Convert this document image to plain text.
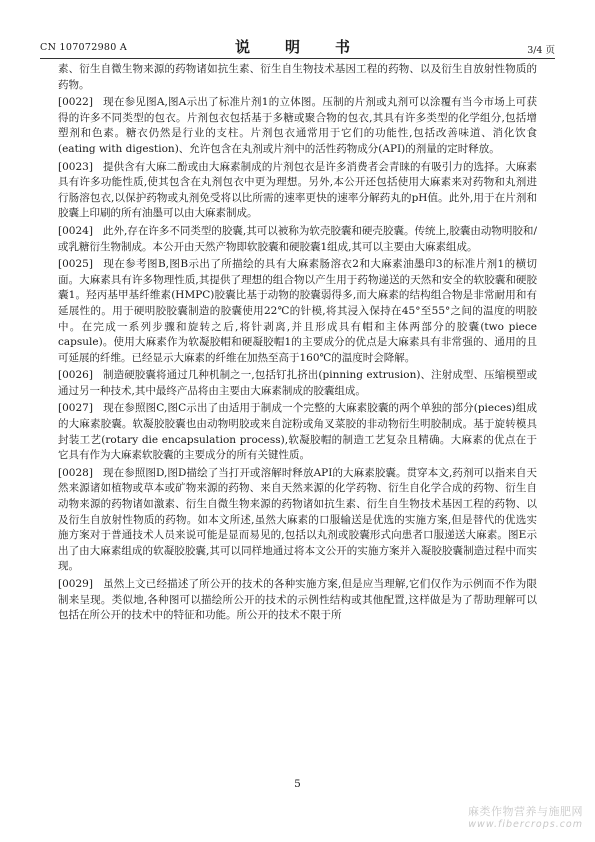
CN 107072980 A	说　明　书	3/4 页

素、衍生自微生物来源的药物诸如抗生素、衍生自生物技术基因工程的药物、以及衍生自放射性物质的药物。

[0022] 现在参见图A,图A示出了标准片剂1的立体图。压制的片剂或丸剂可以涂覆有当今市场上可获得的许多不同类型的包衣。片剂包衣包括基于多糖或聚合物的包衣,其具有许多类型的化学组分,包括增塑剂和色素。糖衣仍然是行业的支柱。片剂包衣通常用于它们的功能性,包括改善味道、消化饮食(eating with digestion)、允许包含在丸剂或片剂中的活性药物成分(API)的剂量的定时释放。

[0023] 提供含有大麻二酚或由大麻素制成的片剂包衣是许多消费者会青睐的有吸引力的选择。大麻素具有许多功能性质,使其包含在丸剂包衣中更为理想。另外,本公开还包括使用大麻素来对药物和丸剂进行肠溶包衣,以保护药物或丸剂免受将以比所需的速率更快的速率分解药丸的pH值。此外,用于在片剂和胶囊上印刷的所有油墨可以由大麻素制成。

[0024] 此外,存在许多不同类型的胶囊,其可以被称为软壳胶囊和硬壳胶囊。传统上,胶囊由动物明胶和/或乳糖衍生物制成。本公开由天然产物即软胶囊和硬胶囊1组成,其可以主要由大麻素组成。

[0025] 现在参考图B,图B示出了所描绘的具有大麻素肠溶衣2和大麻素油墨印3的标准片剂1的横切面。大麻素具有许多物理性质,其提供了理想的组合物以产生用于药物递送的天然和安全的软胶囊和硬胶囊1。羟丙基甲基纤维素(HMPC)胶囊比基于动物的胶囊弱得多,而大麻素的结构组合物是非常耐用和有延展性的。用于硬明胶胶囊制造的胶囊使用22℃的针模,将其浸入保持在45°至55°之间的温度的明胶中。在完成一系列步骤和旋转之后,将针剥离,并且形成具有帽和主体两部分的胶囊(two piece capsule)。使用大麻素作为软凝胶帽和硬凝胶帽1的主要成分的优点是大麻素具有非常强的、通用的且可延展的纤维。已经显示大麻素的纤维在加热至高于160℃的温度时会降解。

[0026] 制造硬胶囊将通过几种机制之一,包括钉扎挤出(pinning extrusion)、注射成型、压缩模塑或通过另一种技术,其中最终产品将由主要由大麻素制成的胶囊组成。

[0027] 现在参照图C,图C示出了由适用于制成一个完整的大麻素胶囊的两个单独的部分(pieces)组成的大麻素胶囊。软凝胶胶囊也由动物明胶或来自淀粉或角叉菜胶的非动物衍生明胶制成。基于旋转模具封装工艺(rotary die encapsulation process),软凝胶帽的制造工艺复杂且精确。大麻素的优点在于它具有作为大麻素软胶囊的主要成分的所有关键性质。

[0028] 现在参照图D,图D描绘了当打开或溶解时释放API的大麻素胶囊。贯穿本文,药剂可以指来自天然来源诸如植物或草本或矿物来源的药物、来自天然来源的化学药物、衍生自化学合成的药物、衍生自动物来源的药物诸如激素、衍生自微生物来源的药物诸如抗生素、衍生自生物技术基因工程的药物、以及衍生自放射性物质的药物。如本文所述,虽然大麻素的口服输送是优选的实施方案,但是替代的优选实施方案对于普通技术人员来说可能是显而易见的,包括以丸剂或胶囊形式向患者口服递送大麻素。图E示出了由大麻素组成的软凝胶胶囊,其可以同样地通过将本文公开的实施方案并入凝胶胶囊制造过程中而实现。

[0029] 虽然上文已经描述了所公开的技术的各种实施方案,但是应当理解,它们仅作为示例而不作为限制来呈现。类似地,各种图可以描绘所公开的技术的示例性结构或其他配置,这样做是为了帮助理解可以包括在所公开的技术中的特征和功能。所公开的技术不限于所

5
麻类作物营养与施肥网
www.fibercrops.com
